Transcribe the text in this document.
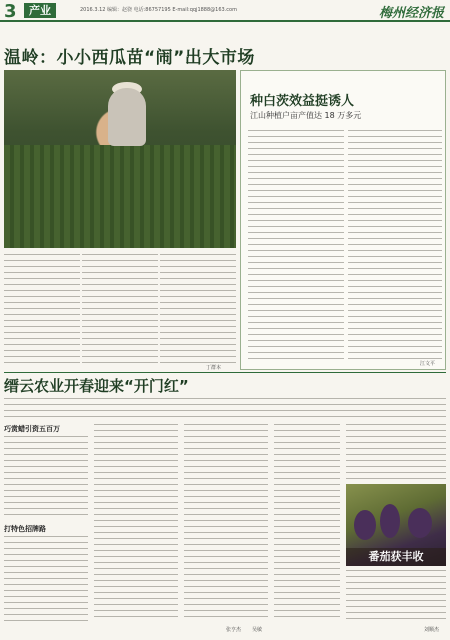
3	产业	2016.3.12 编辑：赵骁 电话:86757195 E-mail:qqj1888@163.com	梅州经济报
温岭：小小西瓜苗“闹”出大市场
种白茨效益挺诱人
江山种植户亩产值达 18 万多元
江文平
丁群本
缙云农业开春迎来“开门红”
巧赏蜡引资五百万
打特色招牌路
张亨杰 吴敏
番茄获丰收
刘顺杰
